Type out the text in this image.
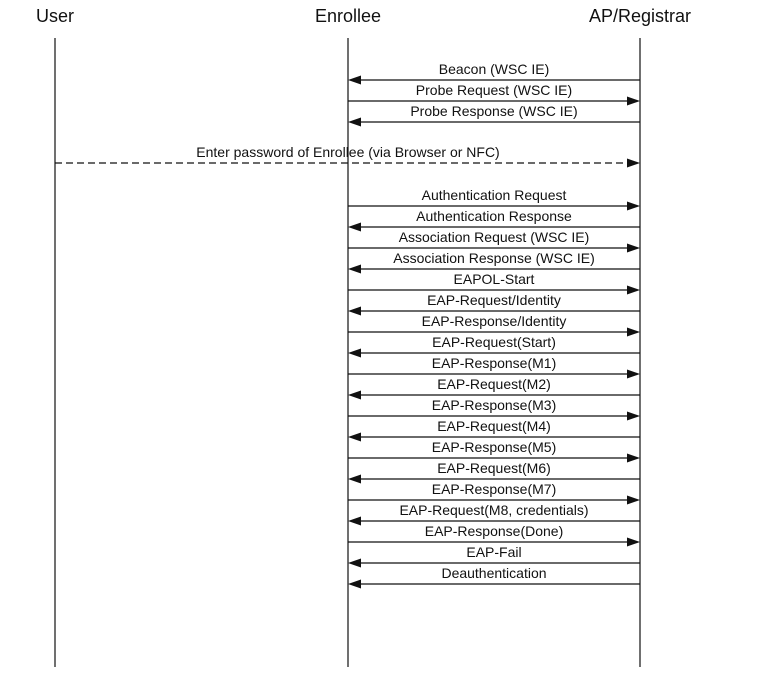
User	Enrollee	AP/Registrar
Beacon (WSC IE)
Probe Request (WSC IE)
Probe Response (WSC IE)
Enter password of Enrollee (via Browser or NFC)
Authentication Request
Authentication Response
Association Request (WSC IE)
Association Response (WSC IE)
EAPOL-Start
EAP-Request/Identity
EAP-Response/Identity
EAP-Request(Start)
EAP-Response(M1)
EAP-Request(M2)
EAP-Response(M3)
EAP-Request(M4)
EAP-Response(M5)
EAP-Request(M6)
EAP-Response(M7)
EAP-Request(M8, credentials)
EAP-Response(Done)
EAP-Fail
Deauthentication
